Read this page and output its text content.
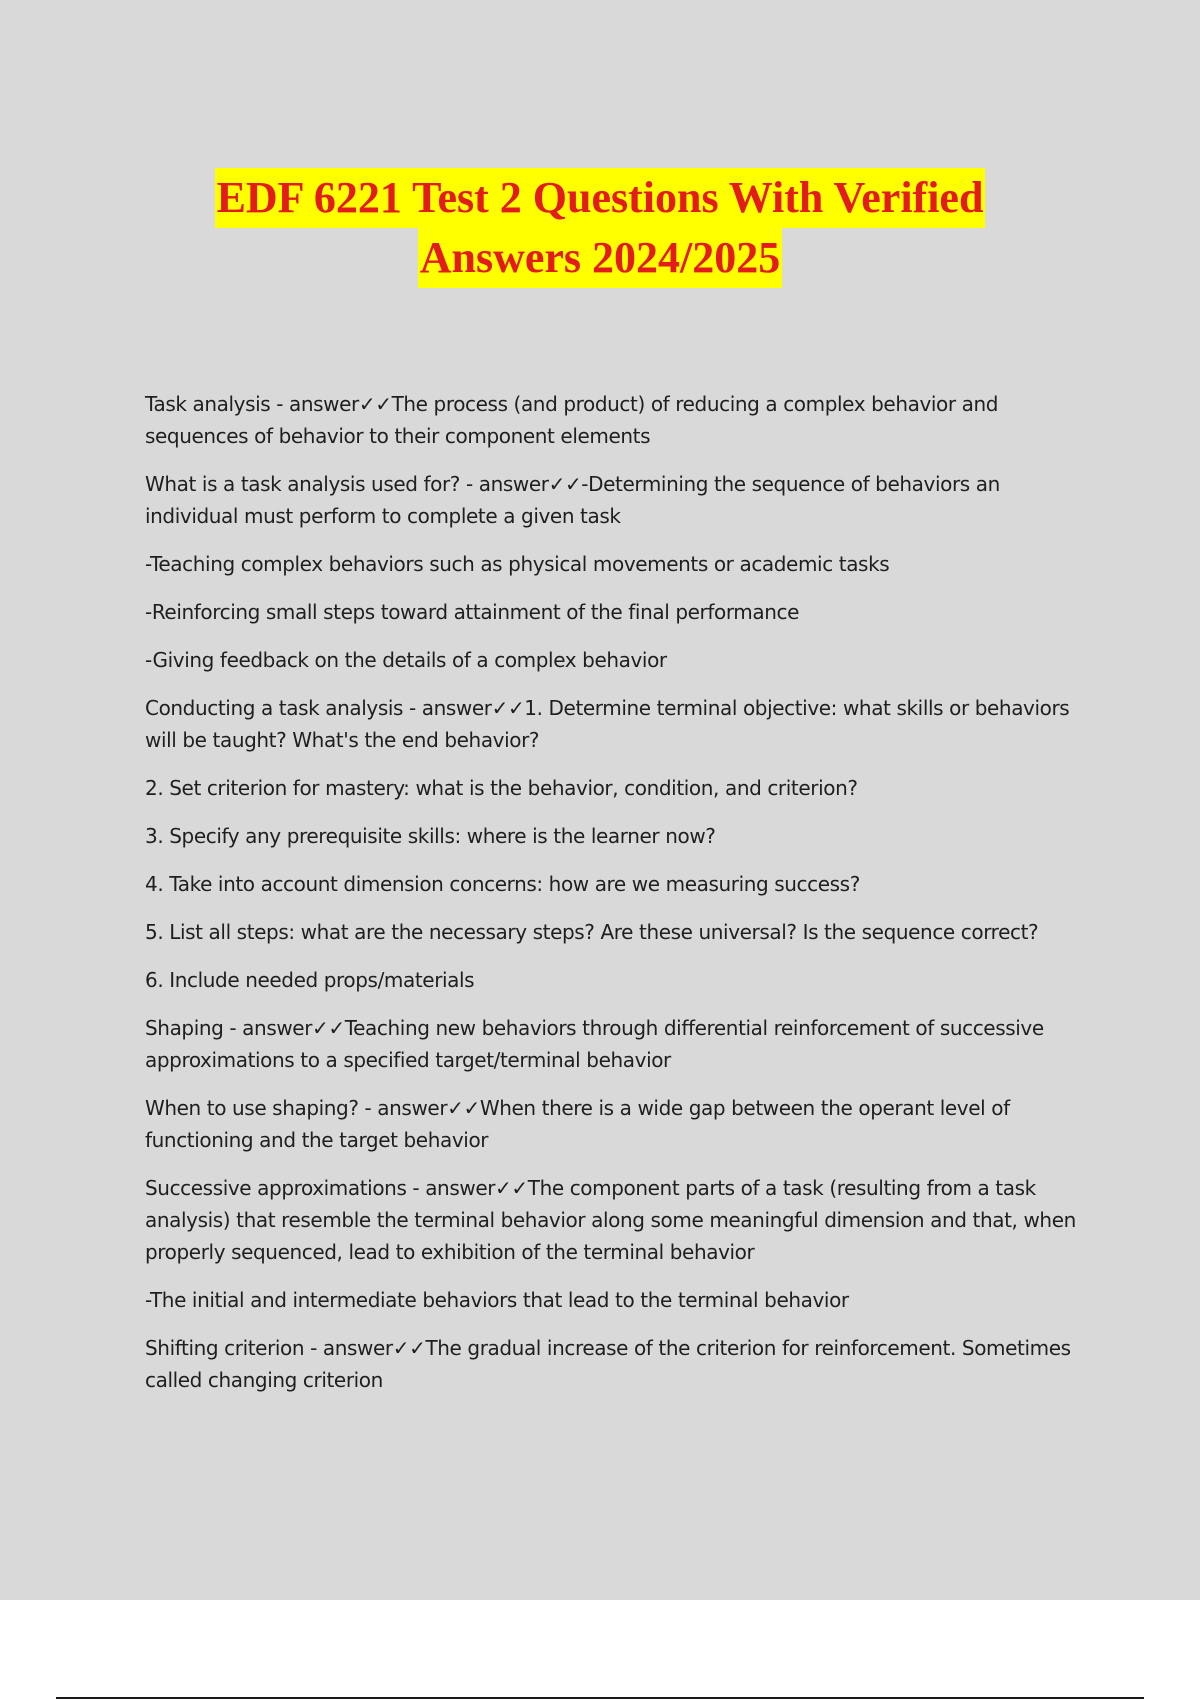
EDF 6221 Test 2 Questions With Verified
Answers 2024/2025

Task analysis - answer✓✓The process (and product) of reducing a complex behavior and sequences of behavior to their component elements

What is a task analysis used for? - answer✓✓-Determining the sequence of behaviors an individual must perform to complete a given task

-Teaching complex behaviors such as physical movements or academic tasks

-Reinforcing small steps toward attainment of the final performance

-Giving feedback on the details of a complex behavior

Conducting a task analysis - answer✓✓1. Determine terminal objective: what skills or behaviors will be taught? What's the end behavior?

2. Set criterion for mastery: what is the behavior, condition, and criterion?

3. Specify any prerequisite skills: where is the learner now?

4. Take into account dimension concerns: how are we measuring success?

5. List all steps: what are the necessary steps? Are these universal? Is the sequence correct?

6. Include needed props/materials

Shaping - answer✓✓Teaching new behaviors through differential reinforcement of successive approximations to a specified target/terminal behavior

When to use shaping? - answer✓✓When there is a wide gap between the operant level of functioning and the target behavior

Successive approximations - answer✓✓The component parts of a task (resulting from a task analysis) that resemble the terminal behavior along some meaningful dimension and that, when properly sequenced, lead to exhibition of the terminal behavior

-The initial and intermediate behaviors that lead to the terminal behavior

Shifting criterion - answer✓✓The gradual increase of the criterion for reinforcement. Sometimes called changing criterion
